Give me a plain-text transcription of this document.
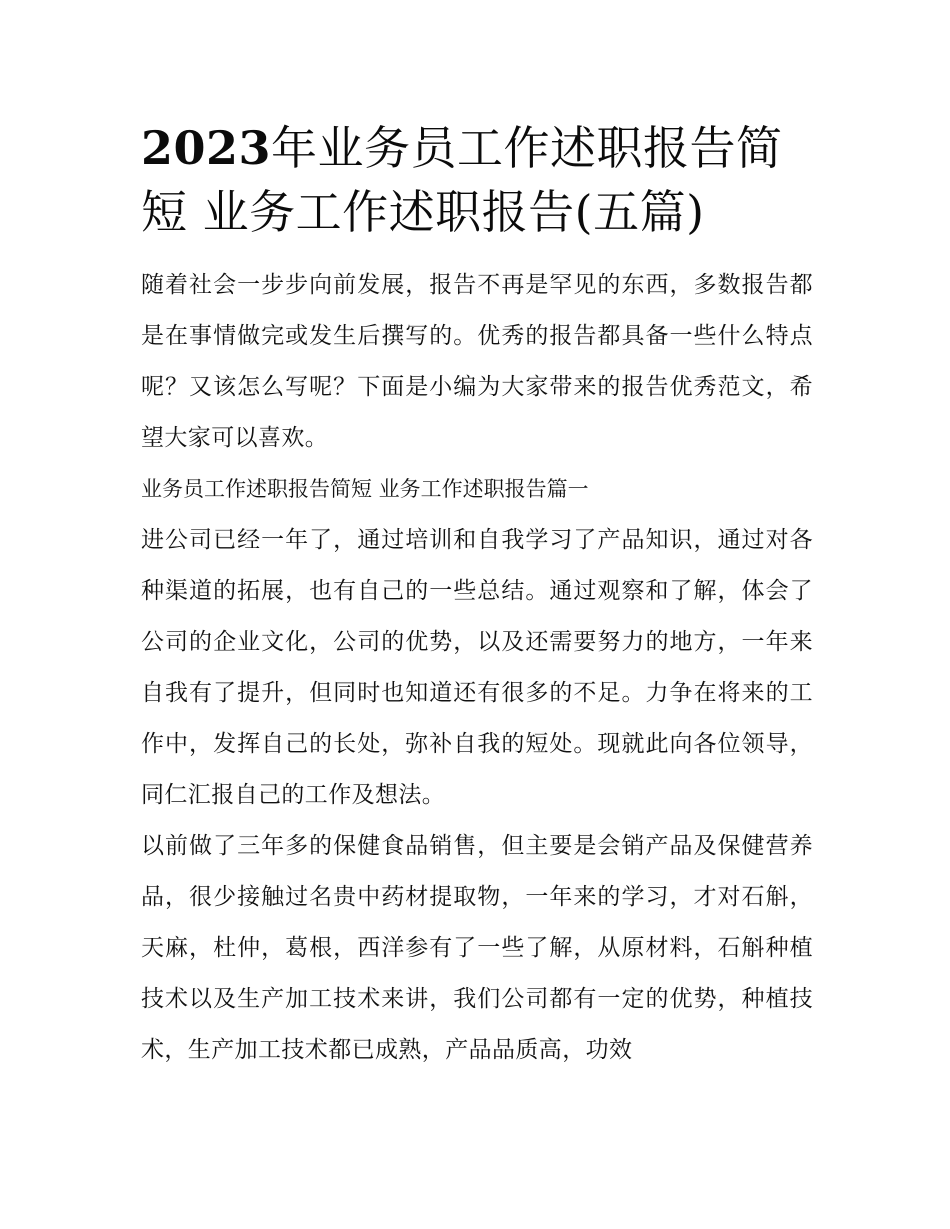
2023年业务员工作述职报告简短 业务工作述职报告(五篇)

随着社会一步步向前发展，报告不再是罕见的东西，多数报告都是在事情做完或发生后撰写的。优秀的报告都具备一些什么特点呢？又该怎么写呢？下面是小编为大家带来的报告优秀范文，希望大家可以喜欢。

业务员工作述职报告简短 业务工作述职报告篇一

进公司已经一年了，通过培训和自我学习了产品知识，通过对各种渠道的拓展，也有自己的一些总结。通过观察和了解，体会了公司的企业文化，公司的优势，以及还需要努力的地方，一年来自我有了提升，但同时也知道还有很多的不足。力争在将来的工作中，发挥自己的长处，弥补自我的短处。现就此向各位领导，同仁汇报自己的工作及想法。

以前做了三年多的保健食品销售，但主要是会销产品及保健营养品，很少接触过名贵中药材提取物，一年来的学习，才对石斛，天麻，杜仲，葛根，西洋参有了一些了解，从原材料，石斛种植技术以及生产加工技术来讲，我们公司都有一定的优势，种植技术，生产加工技术都已成熟，产品品质高，功效
